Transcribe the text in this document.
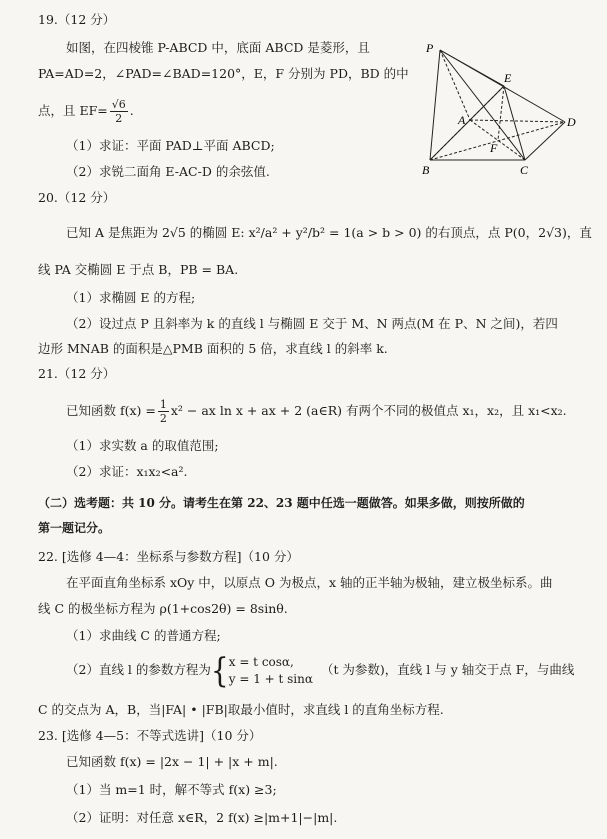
19.（12 分）
如图，在四棱锥 P-ABCD 中，底面 ABCD 是菱形，且
PA=AD=2，∠PAD=∠BAD=120°，E，F 分别为 PD，BD 的中
点，且 $EF= \frac{√6}{2}$ .
（1）求证：平面 PAD⊥平面 ABCD;
（2）求锐二面角 E-AC-D 的余弦值.
P
E
A	D
F
B	C
20.（12 分）
已知 A 是焦距为 2√5 的椭圆 E: x²/a² + y²/b² = 1(a > b > 0) 的右顶点，点 P(0，2√3)，直
线 PA 交椭圆 E 于点 B，PB = BA.
（1）求椭圆 E 的方程;
（2）设过点 P 且斜率为 k 的直线 l 与椭圆 E 交于 M、N 两点(M 在 P、N 之间)，若四
边形 MNAB 的面积是△PMB 面积的 5 倍，求直线 l 的斜率 k.
21.（12 分）
已知函数 $f(x) = \frac{1}{2} x^2$ − ax ln x + ax + 2 (a∈R) 有两个不同的极值点 x₁，x₂，且 x₁<x₂.
（1）求实数 a 的取值范围;
（2）求证：x₁x₂<a².
（二）选考题：共 10 分。请考生在第 22、23 题中任选一题做答。如果多做，则按所做的
第一题记分。
22. [选修 4—4：坐标系与参数方程]（10 分）
在平面直角坐标系 xOy 中，以原点 O 为极点，x 轴的正半轴为极轴，建立极坐标系。曲
线 C 的极坐标方程为 ρ(1+cos2θ) = 8sinθ.
（1）求曲线 C 的普通方程;
（2）直线 l 的参数方程为{ x = t cosα,
y = 1 + t sinα
（t 为参数)，直线 l 与 y 轴交于点 F，与曲线
C 的交点为 A，B，当|FA| • |FB|取最小值时，求直线 l 的直角坐标方程.
23. [选修 4—5：不等式选讲]（10 分）
已知函数 f(x) = |2x − 1| + |x + m|.
（1）当 m=1 时，解不等式 f(x) ≥3;
（2）证明：对任意 x∈R，2 f(x) ≥|m+1|−|m|.
